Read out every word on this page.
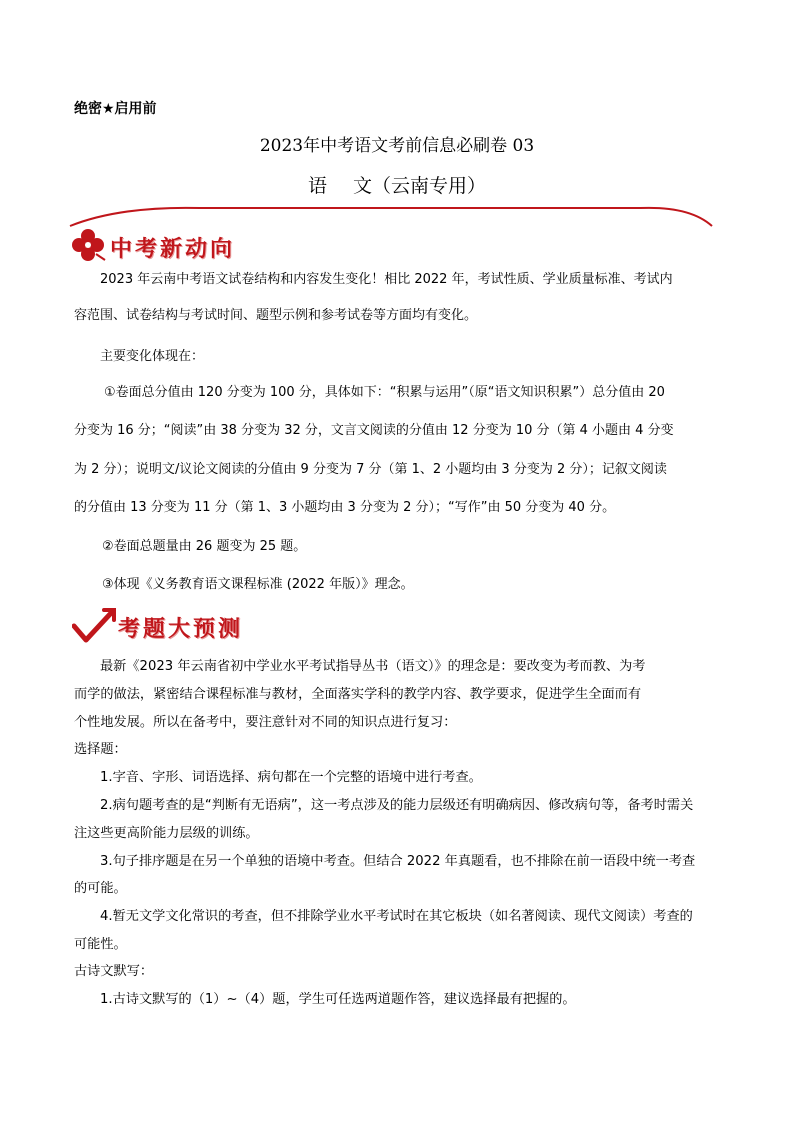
绝密★启用前
2023年中考语文考前信息必刷卷 03
语 文（云南专用）
中考新动向
2023 年云南中考语文试卷结构和内容发生变化！相比 2022 年，考试性质、学业质量标准、考试内
容范围、试卷结构与考试时间、题型示例和参考试卷等方面均有变化。
主要变化体现在：
①卷面总分值由 120 分变为 100 分，具体如下：“积累与运用”（原“语文知识积累”）总分值由 20
分变为 16 分；“阅读”由 38 分变为 32 分，文言文阅读的分值由 12 分变为 10 分（第 4 小题由 4 分变
为 2 分）；说明文/议论文阅读的分值由 9 分变为 7 分（第 1、2 小题均由 3 分变为 2 分）；记叙文阅读
的分值由 13 分变为 11 分（第 1、3 小题均由 3 分变为 2 分）；“写作”由 50 分变为 40 分。
②卷面总题量由 26 题变为 25 题。
③体现《义务教育语文课程标准 (2022 年版）》理念。
考题大预测
最新《2023 年云南省初中学业水平考试指导丛书（语文）》的理念是：要改变为考而教、为考
而学的做法，紧密结合课程标准与教材，全面落实学科的教学内容、教学要求，促进学生全面而有
个性地发展。所以在备考中，要注意针对不同的知识点进行复习：
选择题：
1.字音、字形、词语选择、病句都在一个完整的语境中进行考查。
2.病句题考查的是“判断有无语病”，这一考点涉及的能力层级还有明确病因、修改病句等，备考时需关
注这些更高阶能力层级的训练。
3.句子排序题是在另一个单独的语境中考查。但结合 2022 年真题看，也不排除在前一语段中统一考查
的可能。
4.暂无文学文化常识的考查，但不排除学业水平考试时在其它板块（如名著阅读、现代文阅读）考查的
可能性。
古诗文默写：
1.古诗文默写的（1）~（4）题，学生可任选两道题作答，建议选择最有把握的。
